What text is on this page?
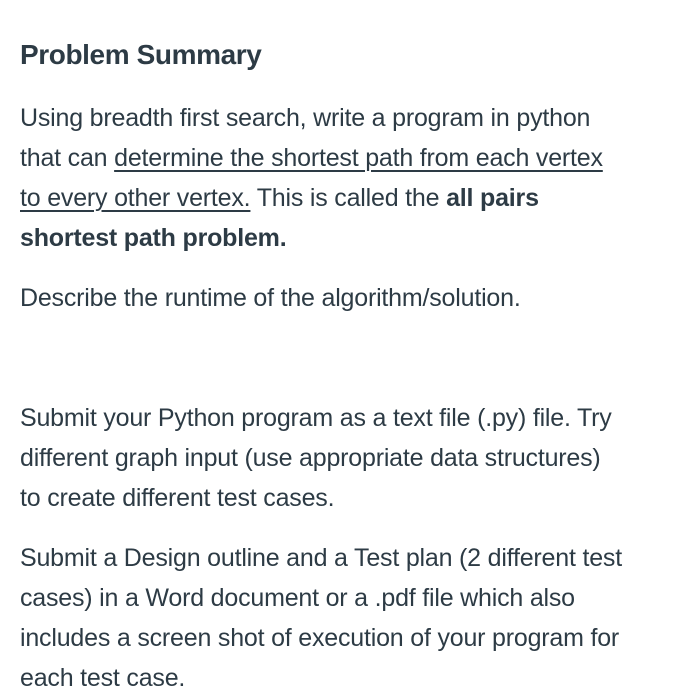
Problem Summary

Using breadth first search, write a program in python
that can determine the shortest path from each vertex
to every other vertex. This is called the all pairs
shortest path problem.

Describe the runtime of the algorithm/solution.

Submit your Python program as a text file (.py) file. Try
different graph input (use appropriate data structures)
to create different test cases.

Submit a Design outline and a Test plan (2 different test
cases) in a Word document or a .pdf file which also
includes a screen shot of execution of your program for
each test case.
